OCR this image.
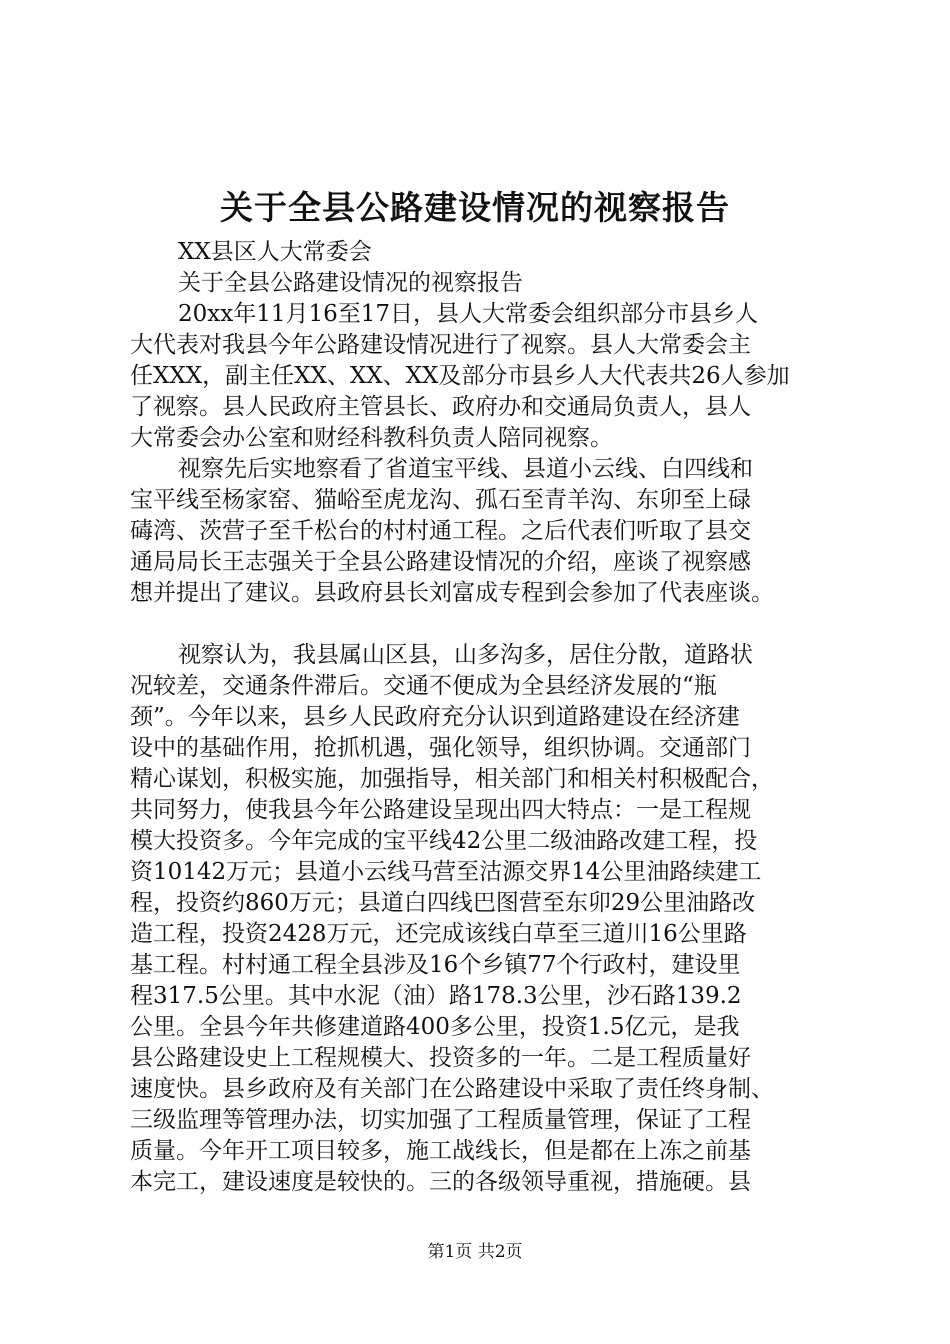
关于全县公路建设情况的视察报告
XX县区人大常委会
关于全县公路建设情况的视察报告
20xx年11月16至17日，县人大常委会组织部分市县乡人
大代表对我县今年公路建设情况进行了视察。县人大常委会主
任XXX，副主任XX、XX、XX及部分市县乡人大代表共26人参加
了视察。县人民政府主管县长、政府办和交通局负责人，县人
大常委会办公室和财经科教科负责人陪同视察。
视察先后实地察看了省道宝平线、县道小云线、白四线和
宝平线至杨家窑、猫峪至虎龙沟、孤石至青羊沟、东卯至上碌
碡湾、茨营子至千松台的村村通工程。之后代表们听取了县交
通局局长王志强关于全县公路建设情况的介绍，座谈了视察感
想并提出了建议。县政府县长刘富成专程到会参加了代表座谈。
视察认为，我县属山区县，山多沟多，居住分散，道路状
况较差，交通条件滞后。交通不便成为全县经济发展的“瓶
颈”。今年以来，县乡人民政府充分认识到道路建设在经济建
设中的基础作用，抢抓机遇，强化领导，组织协调。交通部门
精心谋划，积极实施，加强指导，相关部门和相关村积极配合，
共同努力，使我县今年公路建设呈现出四大特点：一是工程规
模大投资多。今年完成的宝平线42公里二级油路改建工程，投
资10142万元；县道小云线马营至沽源交界14公里油路续建工
程，投资约860万元；县道白四线巴图营至东卯29公里油路改
造工程，投资2428万元，还完成该线白草至三道川16公里路
基工程。村村通工程全县涉及16个乡镇77个行政村，建设里
程317.5公里。其中水泥（油）路178.3公里，沙石路139.2
公里。全县今年共修建道路400多公里，投资1.5亿元，是我
县公路建设史上工程规模大、投资多的一年。二是工程质量好
速度快。县乡政府及有关部门在公路建设中采取了责任终身制、
三级监理等管理办法，切实加强了工程质量管理，保证了工程
质量。今年开工项目较多，施工战线长，但是都在上冻之前基
本完工，建设速度是较快的。三的各级领导重视，措施硬。县
第1页 共2页
